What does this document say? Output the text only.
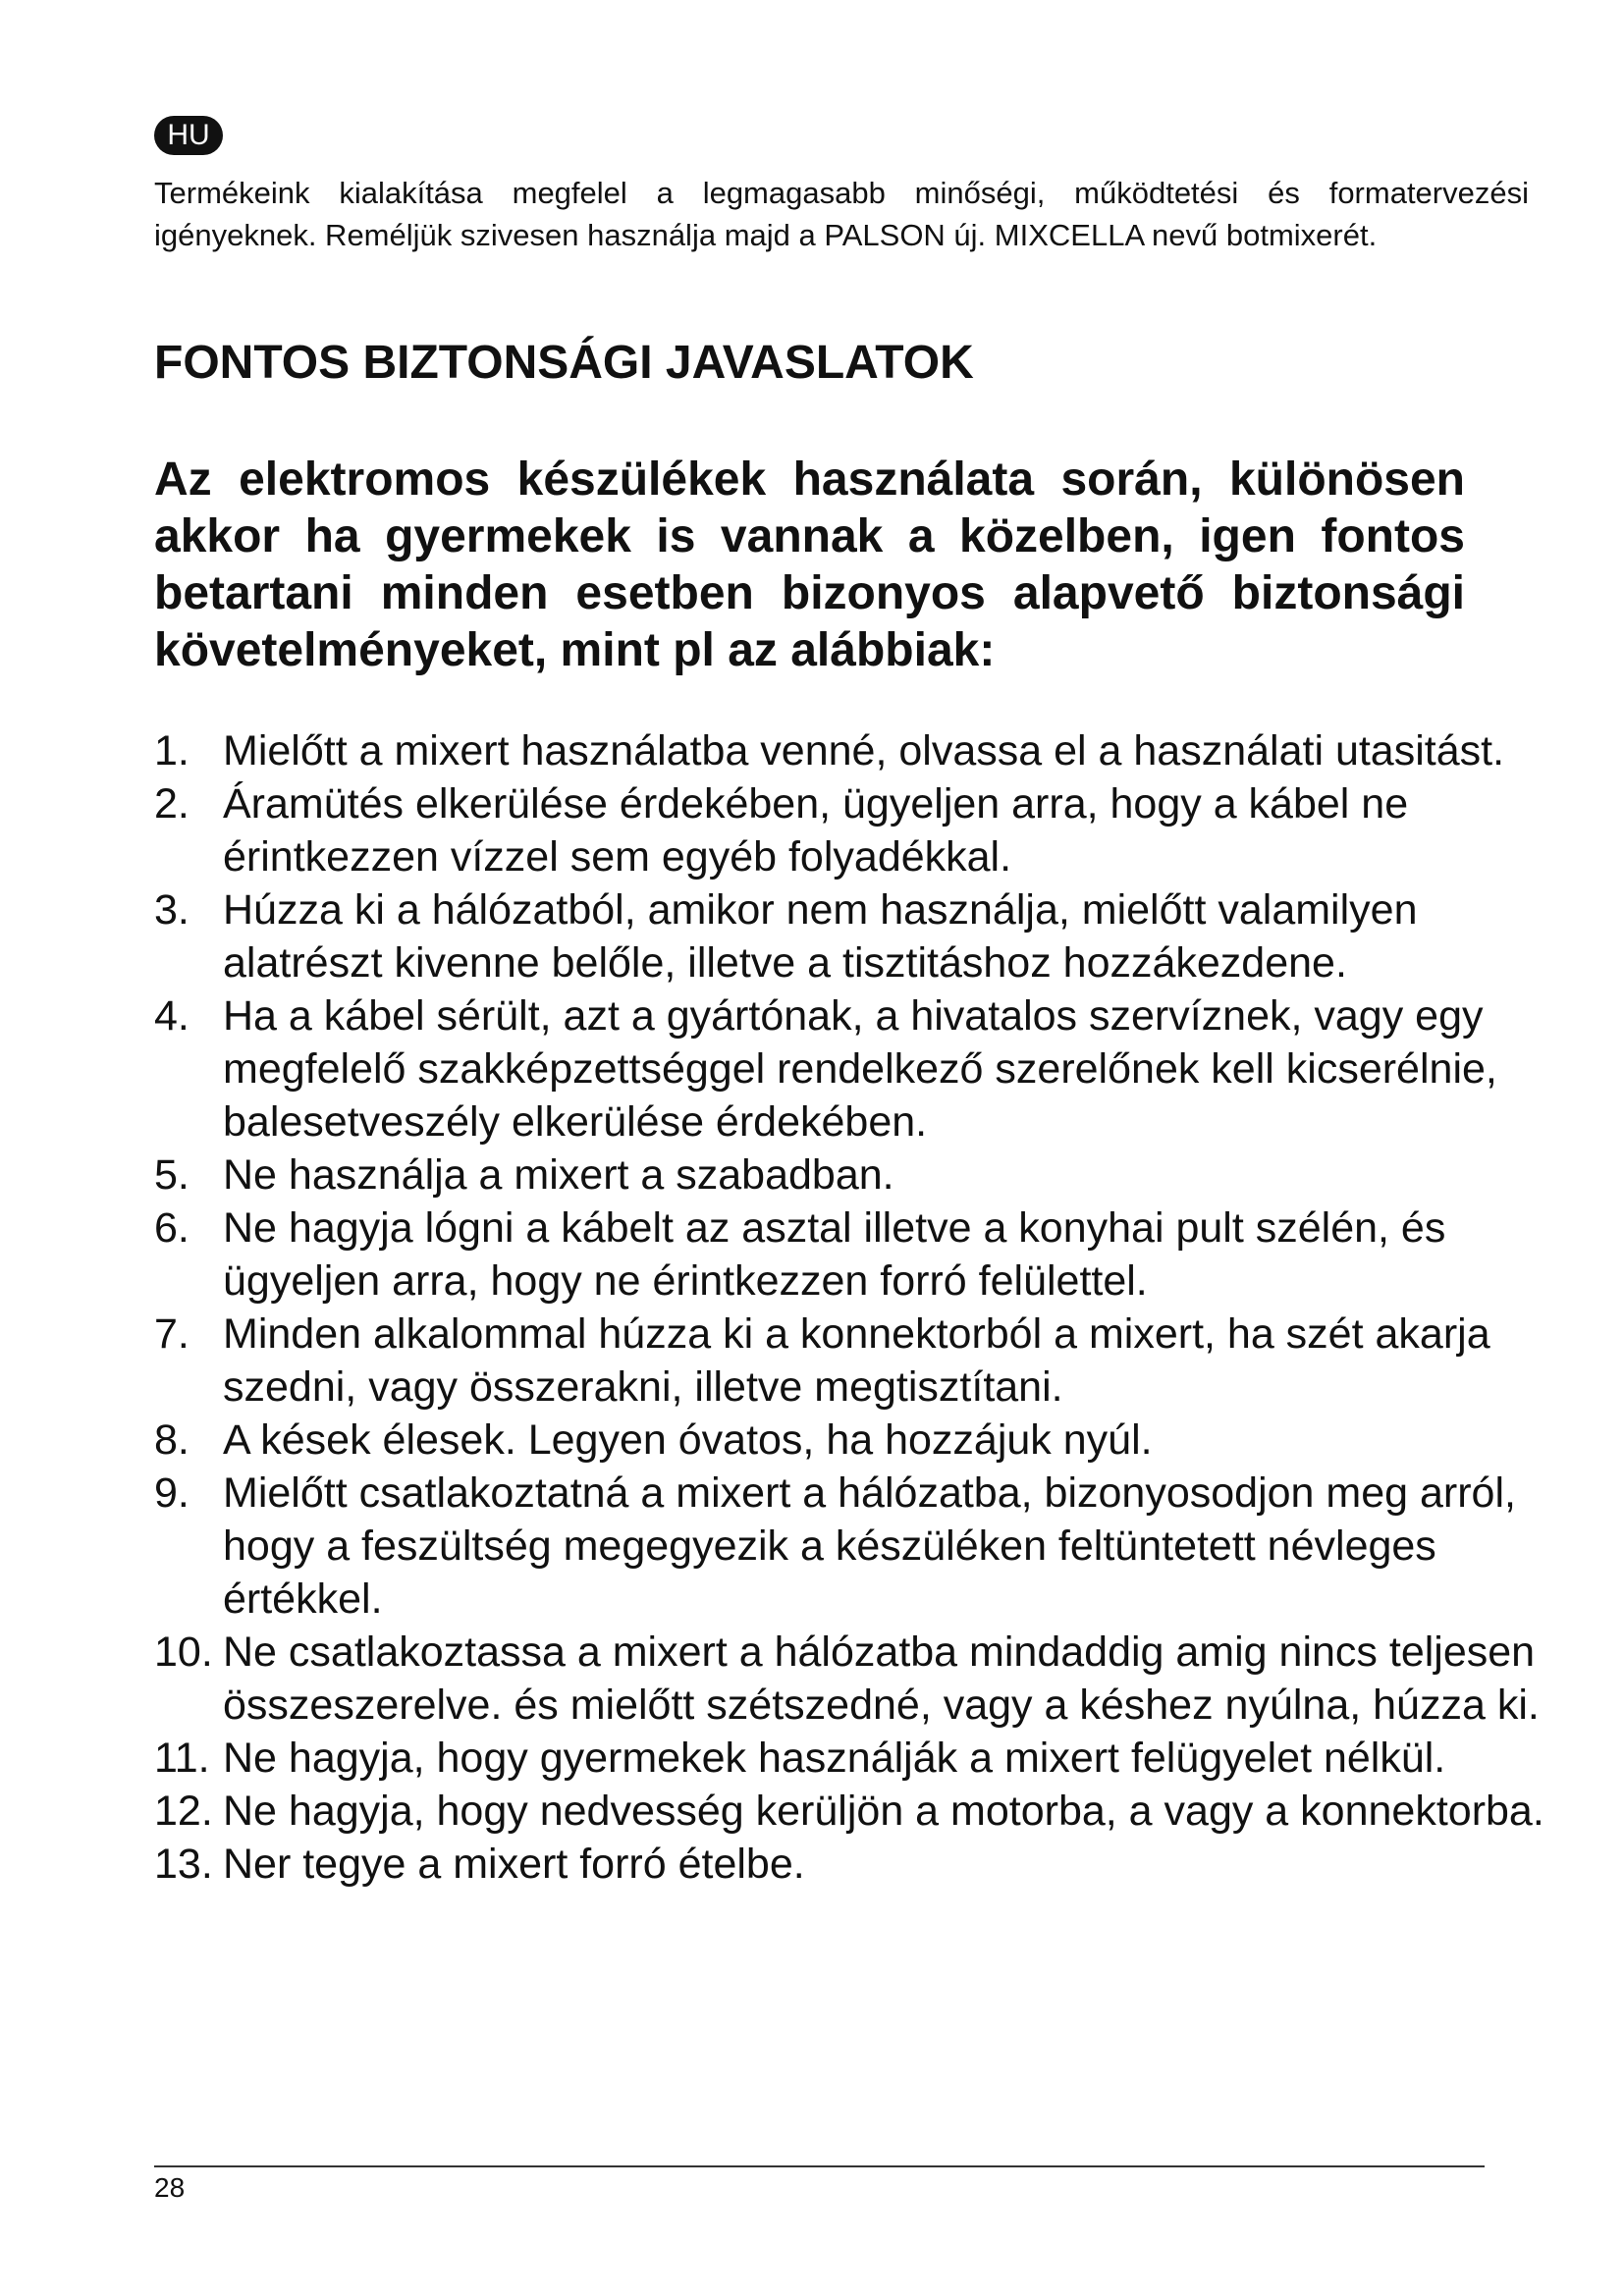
HU

Termékeink kialakítása megfelel a legmagasabb minőségi, működtetési és formatervezési igényeknek. Reméljük szivesen használja majd a PALSON új. MIXCELLA nevű botmixerét.

FONTOS BIZTONSÁGI JAVASLATOK

Az elektromos készülékek használata során, különösen akkor ha gyermekek is vannak a közelben, igen fontos betartani minden esetben bizonyos alapvető biztonsági követelményeket, mint pl az alábbiak:

1. Mielőtt a mixert használatba venné, olvassa el a használati utasitást.
2. Áramütés elkerülése érdekében, ügyeljen arra, hogy a kábel ne érintkezzen vízzel sem egyéb folyadékkal.
3. Húzza ki a hálózatból, amikor nem használja, mielőtt valamilyen alatrészt kivenne belőle, illetve a tisztitáshoz hozzákezdene.
4. Ha a kábel sérült, azt a gyártónak, a hivatalos szervíznek, vagy egy megfelelő szakképzettséggel rendelkező szerelőnek kell kicserélnie, balesetveszély elkerülése érdekében.
5. Ne használja a mixert a szabadban.
6. Ne hagyja lógni a kábelt az asztal illetve a konyhai pult szélén, és ügyeljen arra, hogy ne érintkezzen forró felülettel.
7. Minden alkalommal húzza ki a konnektorból a mixert, ha szét akarja szedni, vagy összerakni, illetve megtisztítani.
8. A kések élesek. Legyen óvatos, ha hozzájuk nyúl.
9. Mielőtt csatlakoztatná a mixert a hálózatba, bizonyosodjon meg arról, hogy a feszültség megegyezik a készüléken feltüntetett névleges értékkel.
10. Ne csatlakoztassa a mixert a hálózatba mindaddig amig nincs teljesen összeszerelve. és mielőtt szétszedné, vagy a késhez nyúlna, húzza ki.
11. Ne hagyja, hogy gyermekek használják a mixert felügyelet nélkül.
12. Ne hagyja, hogy nedvesség kerüljön a motorba, a vagy a konnektorba.
13. Ner tegye a mixert forró ételbe.
28
